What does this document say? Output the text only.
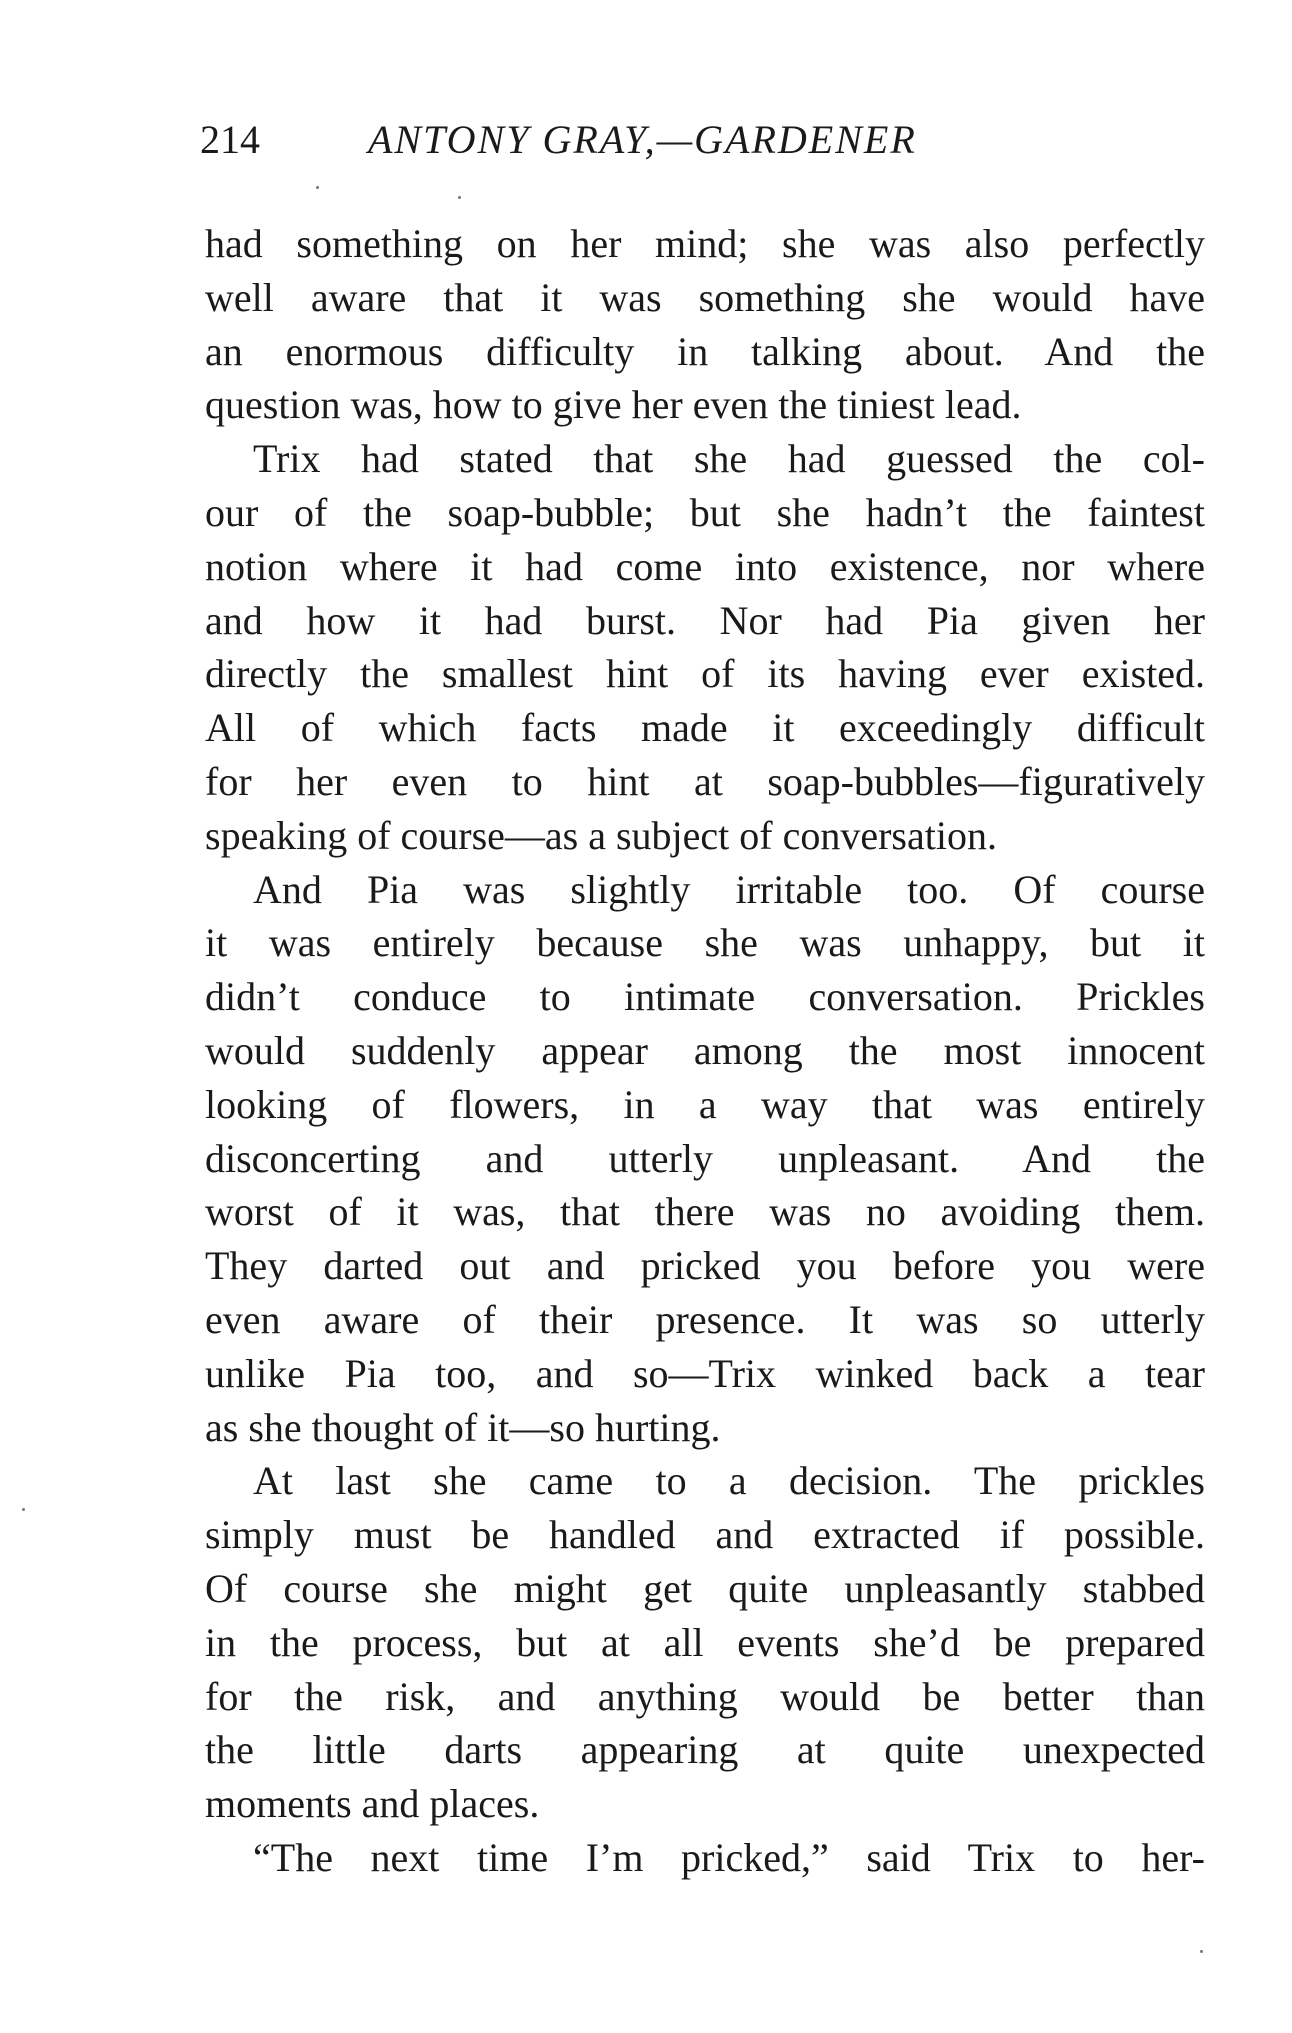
214	ANTONY GRAY,—GARDENER
had something on her mind; she was also perfectly
well aware that it was something she would have
an enormous difficulty in talking about. And the
question was, how to give her even the tiniest lead.
Trix had stated that she had guessed the col-
our of the soap-bubble; but she hadn’t the faintest
notion where it had come into existence, nor where
and how it had burst. Nor had Pia given her
directly the smallest hint of its having ever existed.
All of which facts made it exceedingly difficult
for her even to hint at soap-bubbles—figuratively
speaking of course—as a subject of conversation.
And Pia was slightly irritable too. Of course
it was entirely because she was unhappy, but it
didn’t conduce to intimate conversation. Prickles
would suddenly appear among the most innocent
looking of flowers, in a way that was entirely
disconcerting and utterly unpleasant. And the
worst of it was, that there was no avoiding them.
They darted out and pricked you before you were
even aware of their presence. It was so utterly
unlike Pia too, and so—Trix winked back a tear
as she thought of it—so hurting.
At last she came to a decision. The prickles
simply must be handled and extracted if possible.
Of course she might get quite unpleasantly stabbed
in the process, but at all events she’d be prepared
for the risk, and anything would be better than
the little darts appearing at quite unexpected
moments and places.
“The next time I’m pricked,” said Trix to her-
